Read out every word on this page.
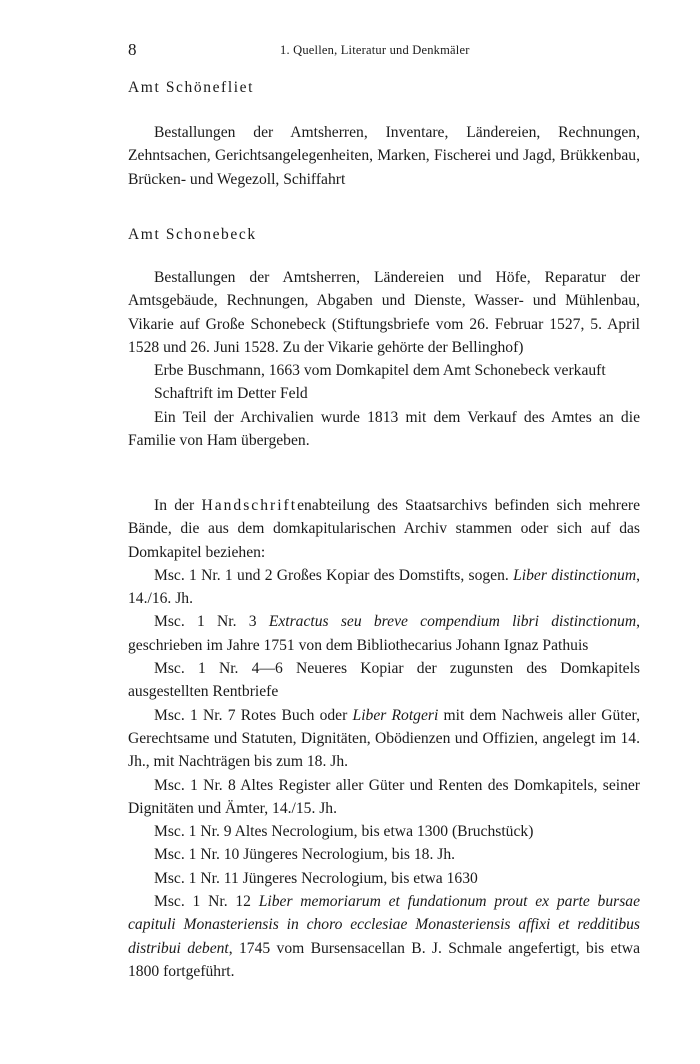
8	1. Quellen, Literatur und Denkmäler
Amt Schönefliet

Bestallungen der Amtsherren, Inventare, Ländereien, Rechnungen, Zehntsachen, Gerichtsangelegenheiten, Marken, Fischerei und Jagd, Brükkenbau, Brücken- und Wegezoll, Schiffahrt

Amt Schonebeck

Bestallungen der Amtsherren, Ländereien und Höfe, Reparatur der Amtsgebäude, Rechnungen, Abgaben und Dienste, Wasser- und Mühlenbau, Vikarie auf Große Schonebeck (Stiftungsbriefe vom 26. Februar 1527, 5. April 1528 und 26. Juni 1528. Zu der Vikarie gehörte der Bellinghof)

Erbe Buschmann, 1663 vom Domkapitel dem Amt Schonebeck verkauft

Schaftrift im Detter Feld

Ein Teil der Archivalien wurde 1813 mit dem Verkauf des Amtes an die Familie von Ham übergeben.

In der Handschriftenabteilung des Staatsarchivs befinden sich mehrere Bände, die aus dem domkapitularischen Archiv stammen oder sich auf das Domkapitel beziehen:

Msc. 1 Nr. 1 und 2 Großes Kopiar des Domstifts, sogen. Liber distinctionum, 14./16. Jh.

Msc. 1 Nr. 3 Extractus seu breve compendium libri distinctionum, geschrieben im Jahre 1751 von dem Bibliothecarius Johann Ignaz Pathuis

Msc. 1 Nr. 4—6 Neueres Kopiar der zugunsten des Domkapitels ausgestellten Rentbriefe

Msc. 1 Nr. 7 Rotes Buch oder Liber Rotgeri mit dem Nachweis aller Güter, Gerechtsame und Statuten, Dignitäten, Obödienzen und Offizien, angelegt im 14. Jh., mit Nachträgen bis zum 18. Jh.

Msc. 1 Nr. 8 Altes Register aller Güter und Renten des Domkapitels, seiner Dignitäten und Ämter, 14./15. Jh.

Msc. 1 Nr. 9 Altes Necrologium, bis etwa 1300 (Bruchstück)

Msc. 1 Nr. 10 Jüngeres Necrologium, bis 18. Jh.

Msc. 1 Nr. 11 Jüngeres Necrologium, bis etwa 1630

Msc. 1 Nr. 12 Liber memoriarum et fundationum prout ex parte bursae capituli Monasteriensis in choro ecclesiae Monasteriensis affixi et redditibus distribui debent, 1745 vom Bursensacellan B. J. Schmale angefertigt, bis etwa 1800 fortgeführt.
